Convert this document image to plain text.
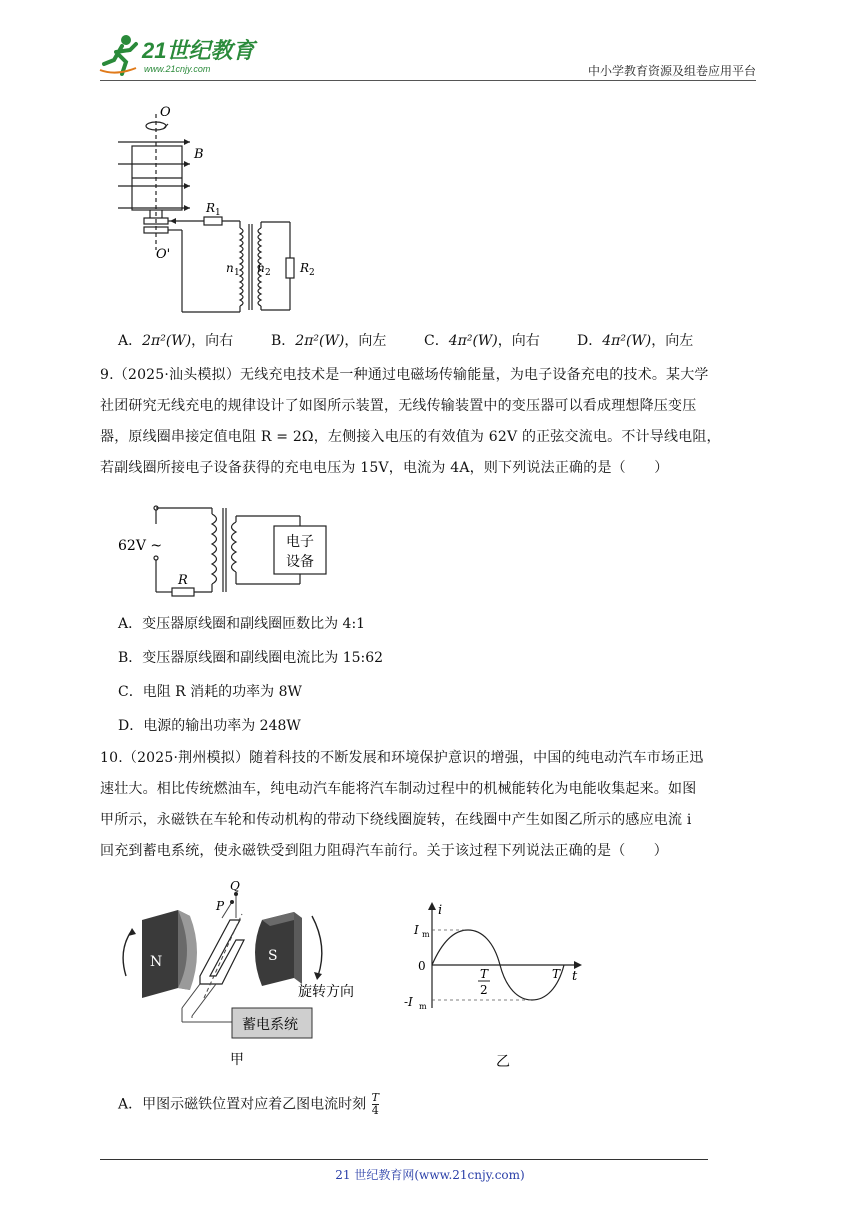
21世纪教育
www.21cnjy.com	中小学教育资源及组卷应用平台
O
B
O'
R 1
n 1 n 2 R 2
A．2π²(W)，向右	B．2π²(W)，向左	C．4π²(W)，向右	D．4π²(W)，向左
9.（2025·汕头模拟）无线充电技术是一种通过电磁场传输能量，为电子设备充电的技术。某大学
社团研究无线充电的规律设计了如图所示装置，无线传输装置中的变压器可以看成理想降压变压
器，原线圈串接定值电阻 R = 2Ω，左侧接入电压的有效值为 62V 的正弦交流电。不计导线电阻，
若副线圈所接电子设备获得的充电电压为 15V，电流为 4A，则下列说法正确的是（　　）
62V ~
R
电子
设备
A．变压器原线圈和副线圈匝数比为 4:1
B．变压器原线圈和副线圈电流比为 15:62
C．电阻 R 消耗的功率为 8W
D．电源的输出功率为 248W
10.（2025·荆州模拟）随着科技的不断发展和环境保护意识的增强，中国的纯电动汽车市场正迅
速壮大。相比传统燃油车，纯电动汽车能将汽车制动过程中的机械能转化为电能收集起来。如图
甲所示，永磁铁在车轮和传动机构的带动下绕线圈旋转，在线圈中产生如图乙所示的感应电流 i
回充到蓄电系统，使永磁铁受到阻力阻碍汽车前行。关于该过程下列说法正确的是（　　）
N	S
P
Q
旋转方向
蓄电系统
甲
i
t
I m
0
-I m
T
2
T
乙
A．甲图示磁铁位置对应着乙图电流时刻 $\frac{T}{4}$
21 世纪教育网(www.21cnjy.com)
